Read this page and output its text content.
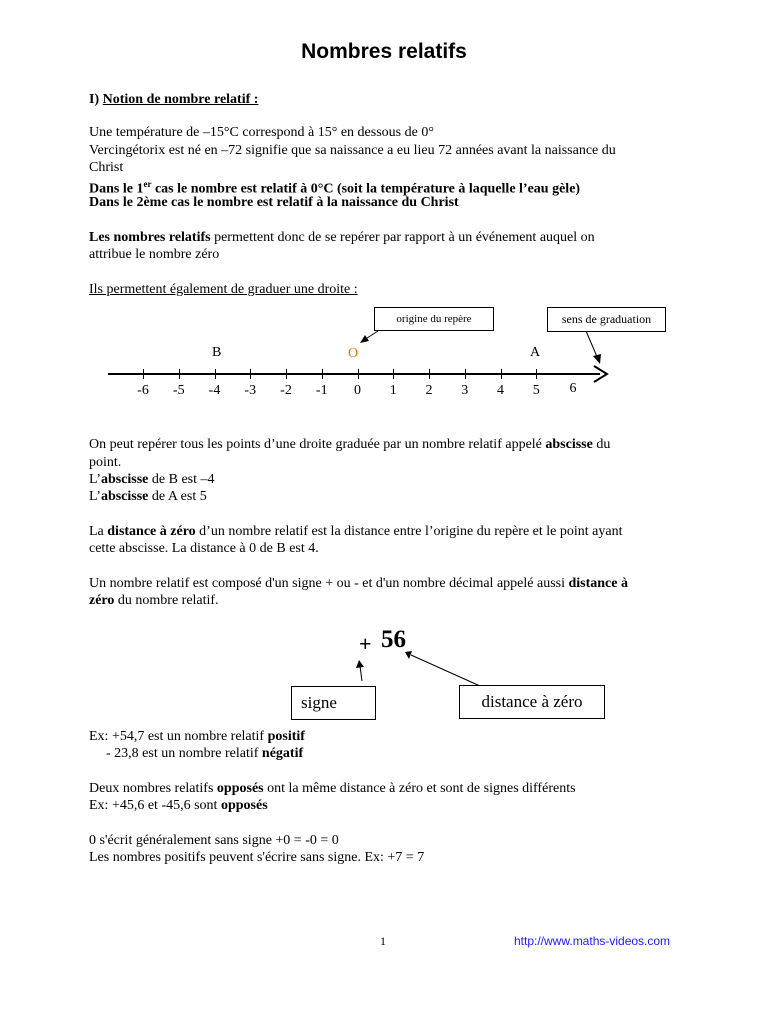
Nombres relatifs
I) Notion de nombre relatif :
Une température de –15°C correspond à 15° en dessous de 0°
Vercingétorix est né en –72 signifie que sa naissance a eu lieu 72 années avant la naissance du
Christ
Dans le 1er cas le nombre est relatif à 0°C (soit la température à laquelle l’eau gèle)
Dans le 2ème cas le nombre est relatif à la naissance du Christ
Les nombres relatifs permettent donc de se repérer par rapport à un événement auquel on
attribue le nombre zéro
Ils permettent également de graduer une droite :
origine du repère	sens de graduation
B	O	A
-6	-5	-4	-3	-2	-1	0	1	2	3	4	5	6
+ 56
signe	distance à zéro
On peut repérer tous les points d’une droite graduée par un nombre relatif appelé abscisse du
point.
L’abscisse de B est –4
L’abscisse de A est 5
La distance à zéro d’un nombre relatif est la distance entre l’origine du repère et le point ayant
cette abscisse. La distance à 0 de B est 4.
Un nombre relatif est composé d'un signe + ou - et d'un nombre décimal appelé aussi distance à
zéro du nombre relatif.
Ex: +54,7 est un nombre relatif positif
- 23,8 est un nombre relatif négatif
Deux nombres relatifs opposés ont la même distance à zéro et sont de signes différents
Ex: +45,6 et -45,6 sont opposés
0 s'écrit généralement sans signe +0 = -0 = 0
Les nombres positifs peuvent s'écrire sans signe. Ex: +7 = 7
1	http://www.maths-videos.com
